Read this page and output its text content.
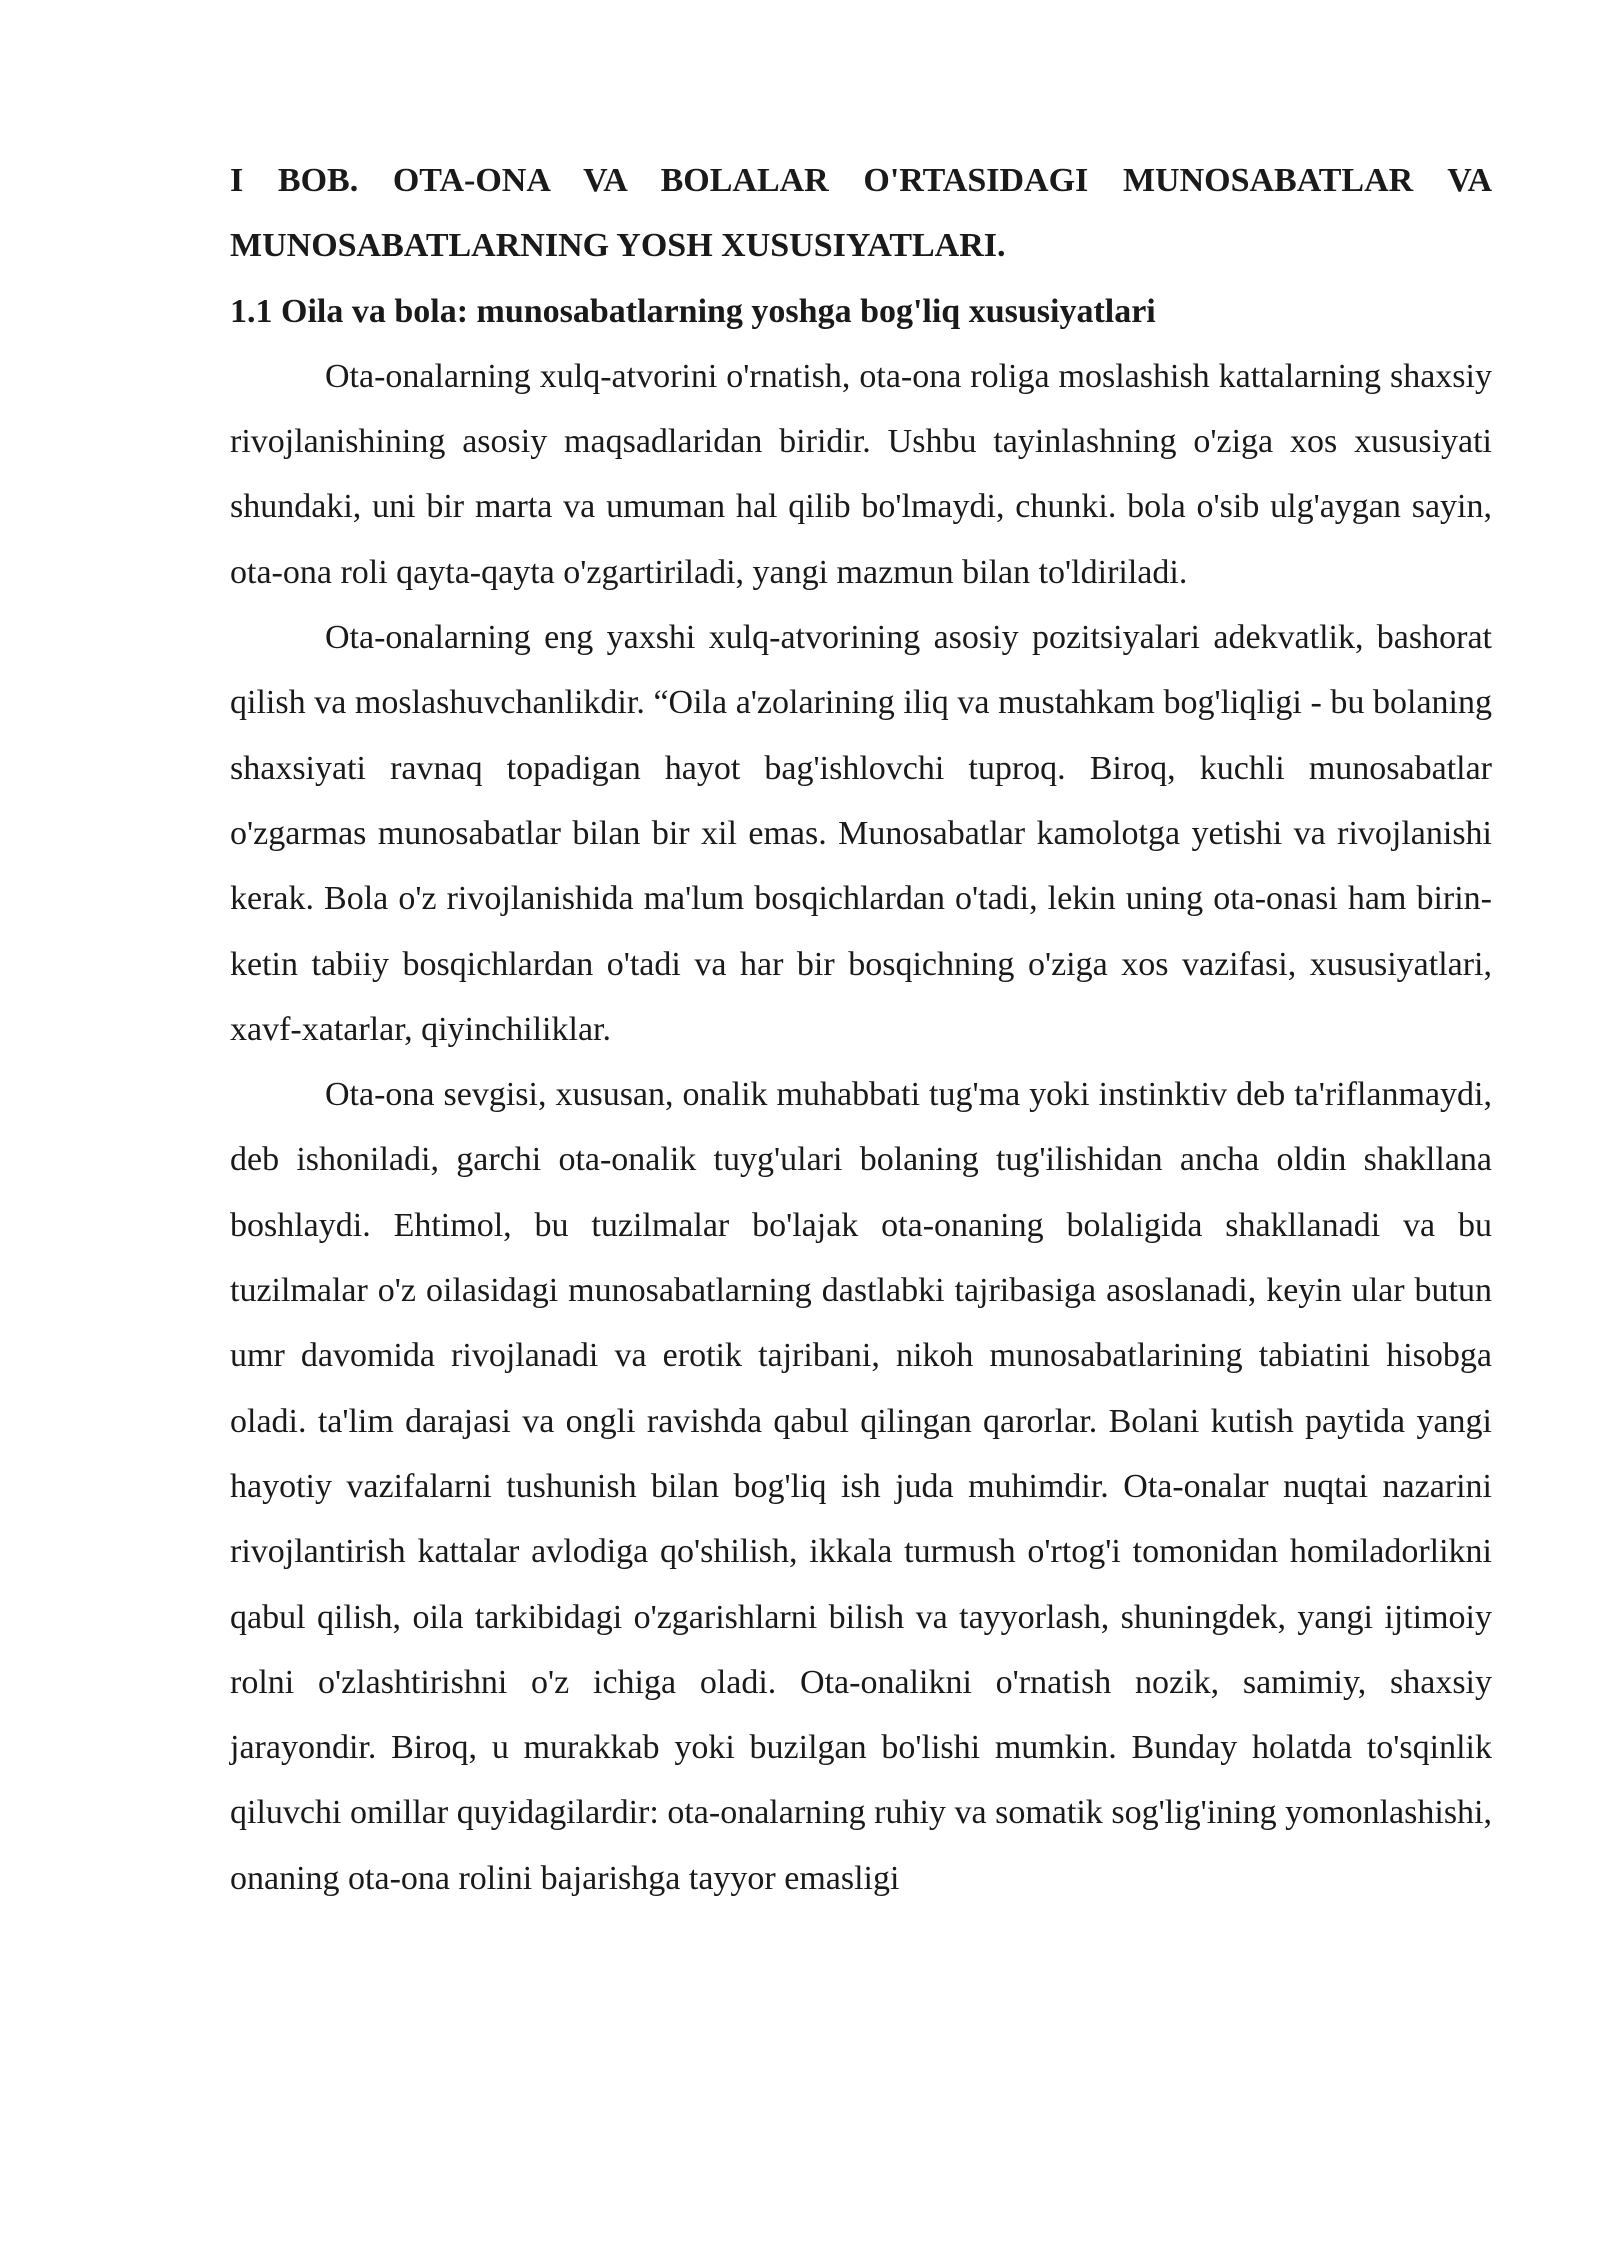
I BOB. OTA-ONA VA BOLALAR O'RTASIDAGI MUNOSABATLAR VA MUNOSABATLARNING YOSH XUSUSIYATLARI.
1.1 Oila va bola: munosabatlarning yoshga bog'liq xususiyatlari

Ota-onalarning xulq-atvorini o'rnatish, ota-ona roliga moslashish kattalarning shaxsiy rivojlanishining asosiy maqsadlaridan biridir. Ushbu tayinlashning o'ziga xos xususiyati shundaki, uni bir marta va umuman hal qilib bo'lmaydi, chunki. bola o'sib ulg'aygan sayin, ota-ona roli qayta-qayta o'zgartiriladi, yangi mazmun bilan to'ldiriladi.

Ota-onalarning eng yaxshi xulq-atvorining asosiy pozitsiyalari adekvatlik, bashorat qilish va moslashuvchanlikdir. “Oila a'zolarining iliq va mustahkam bog'liqligi - bu bolaning shaxsiyati ravnaq topadigan hayot bag'ishlovchi tuproq. Biroq, kuchli munosabatlar o'zgarmas munosabatlar bilan bir xil emas. Munosabatlar kamolotga yetishi va rivojlanishi kerak. Bola o'z rivojlanishida ma'lum bosqichlardan o'tadi, lekin uning ota-onasi ham birin-ketin tabiiy bosqichlardan o'tadi va har bir bosqichning o'ziga xos vazifasi, xususiyatlari, xavf-xatarlar, qiyinchiliklar.

Ota-ona sevgisi, xususan, onalik muhabbati tug'ma yoki instinktiv deb ta'riflanmaydi, deb ishoniladi, garchi ota-onalik tuyg'ulari bolaning tug'ilishidan ancha oldin shakllana boshlaydi. Ehtimol, bu tuzilmalar bo'lajak ota-onaning bolaligida shakllanadi va bu tuzilmalar o'z oilasidagi munosabatlarning dastlabki tajribasiga asoslanadi, keyin ular butun umr davomida rivojlanadi va erotik tajribani, nikoh munosabatlarining tabiatini hisobga oladi. ta'lim darajasi va ongli ravishda qabul qilingan qarorlar. Bolani kutish paytida yangi hayotiy vazifalarni tushunish bilan bog'liq ish juda muhimdir. Ota-onalar nuqtai nazarini rivojlantirish kattalar avlodiga qo'shilish, ikkala turmush o'rtog'i tomonidan homiladorlikni qabul qilish, oila tarkibidagi o'zgarishlarni bilish va tayyorlash, shuningdek, yangi ijtimoiy rolni o'zlashtirishni o'z ichiga oladi. Ota-onalikni o'rnatish nozik, samimiy, shaxsiy jarayondir. Biroq, u murakkab yoki buzilgan bo'lishi mumkin. Bunday holatda to'sqinlik qiluvchi omillar quyidagilardir: ota-onalarning ruhiy va somatik sog'lig'ining yomonlashishi, onaning ota-ona rolini bajarishga tayyor emasligi
